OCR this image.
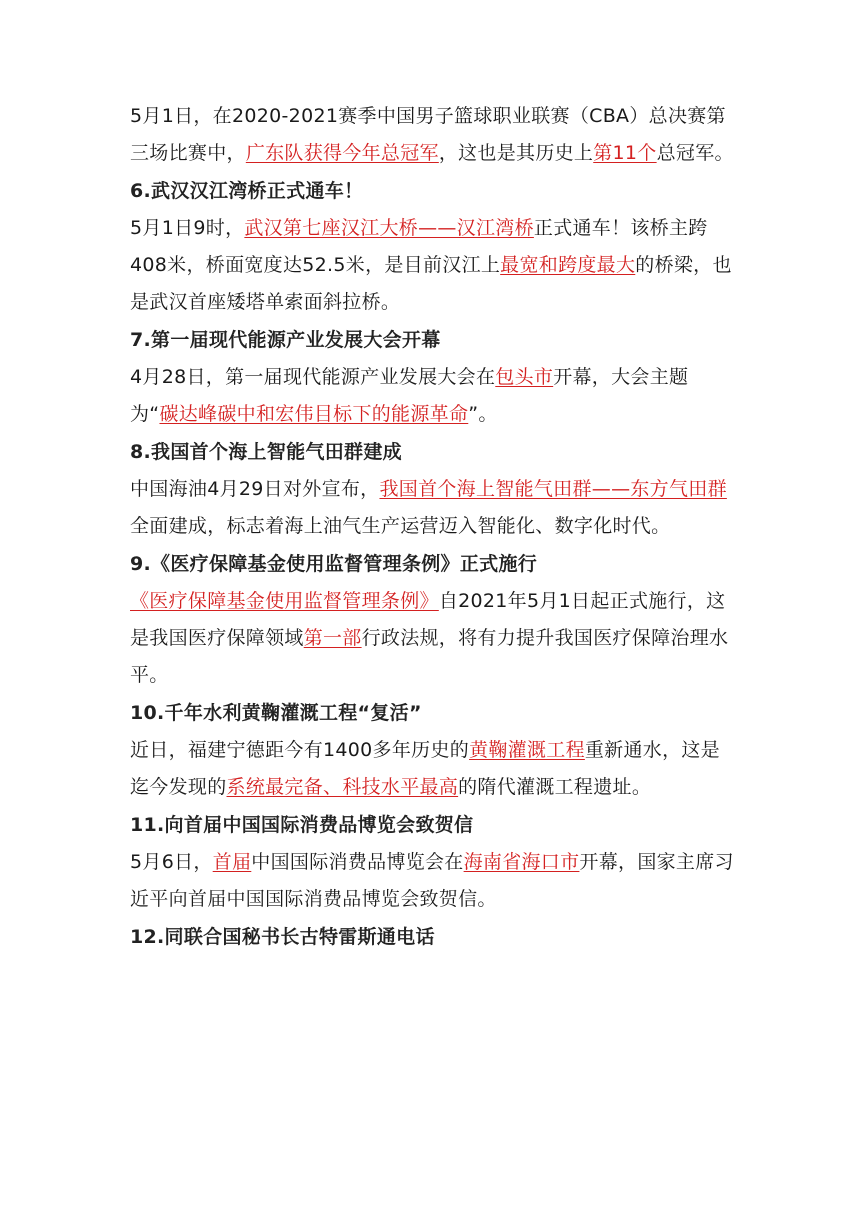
5月1日，在2020-2021赛季中国男子篮球职业联赛（CBA）总决赛第三场比赛中，广东队获得今年总冠军，这也是其历史上第11个总冠军。

6.武汉汉江湾桥正式通车！

5月1日9时，武汉第七座汉江大桥——汉江湾桥正式通车！该桥主跨408米，桥面宽度达52.5米，是目前汉江上最宽和跨度最大的桥梁，也是武汉首座矮塔单索面斜拉桥。

7.第一届现代能源产业发展大会开幕

4月28日，第一届现代能源产业发展大会在包头市开幕，大会主题为“碳达峰碳中和宏伟目标下的能源革命”。

8.我国首个海上智能气田群建成

中国海油4月29日对外宣布，我国首个海上智能气田群——东方气田群全面建成，标志着海上油气生产运营迈入智能化、数字化时代。

9.《医疗保障基金使用监督管理条例》正式施行

《医疗保障基金使用监督管理条例》自2021年5月1日起正式施行，这是我国医疗保障领域第一部行政法规，将有力提升我国医疗保障治理水平。

10.千年水利黄鞠灌溉工程“复活”

近日，福建宁德距今有1400多年历史的黄鞠灌溉工程重新通水，这是迄今发现的系统最完备、科技水平最高的隋代灌溉工程遗址。

11.向首届中国国际消费品博览会致贺信

5月6日，首届中国国际消费品博览会在海南省海口市开幕，国家主席习近平向首届中国国际消费品博览会致贺信。

12.同联合国秘书长古特雷斯通电话
